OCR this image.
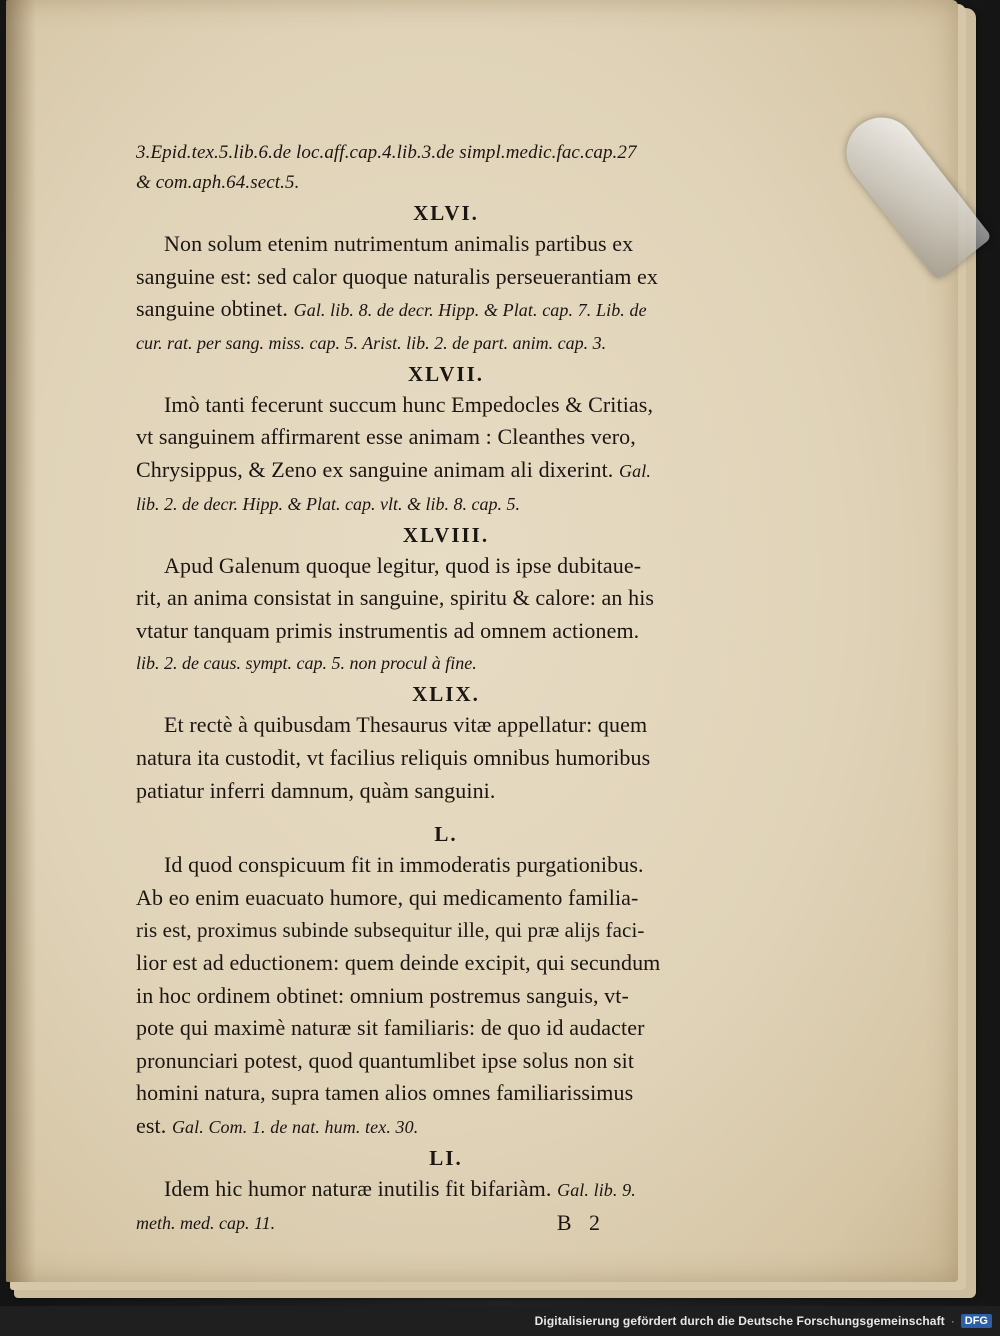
3.Epid.tex.5.lib.6.de loc.aff.cap.4.lib.3.de simpl.medic.fac.cap.27
& com.aph.64.sect.5.
XLVI.
Non solum etenim nutrimentum animalis partibus ex
sanguine est: sed calor quoque naturalis perseuerantiam ex
sanguine obtinet. Gal. lib. 8. de decr. Hipp. & Plat. cap. 7. Lib. de
cur. rat. per sang. miss. cap. 5. Arist. lib. 2. de part. anim. cap. 3.
XLVII.
Imò tanti fecerunt succum hunc Empedocles & Critias,
vt sanguinem affirmarent esse animam : Cleanthes vero,
Chrysippus, & Zeno ex sanguine animam ali dixerint. Gal.
lib. 2. de decr. Hipp. & Plat. cap. vlt. & lib. 8. cap. 5.
XLVIII.
Apud Galenum quoque legitur, quod is ipse dubitaue-
rit, an anima consistat in sanguine, spiritu & calore: an his
vtatur tanquam primis instrumentis ad omnem actionem.
lib. 2. de caus. sympt. cap. 5. non procul à fine.
XLIX.
Et rectè à quibusdam Thesaurus vitæ appellatur: quem
natura ita custodit, vt facilius reliquis omnibus humoribus
patiatur inferri damnum, quàm sanguini.
L.
Id quod conspicuum fit in immoderatis purgationibus.
Ab eo enim euacuato humore, qui medicamento familia-
ris est, proximus subinde subsequitur ille, qui præ alijs faci-
lior est ad eductionem: quem deinde excipit, qui secundum
in hoc ordinem obtinet: omnium postremus sanguis, vt-
pote qui maximè naturæ sit familiaris: de quo id audacter
pronunciari potest, quod quantumlibet ipse solus non sit
homini natura, supra tamen alios omnes familiarissimus
est. Gal. Com. 1. de nat. hum. tex. 30.
LI.
Idem hic humor naturæ inutilis fit bifariàm. Gal. lib. 9.
meth. med. cap. 11.	B 2
Digitalisierung gefördert durch die Deutsche Forschungsgemeinschaft · DFG
